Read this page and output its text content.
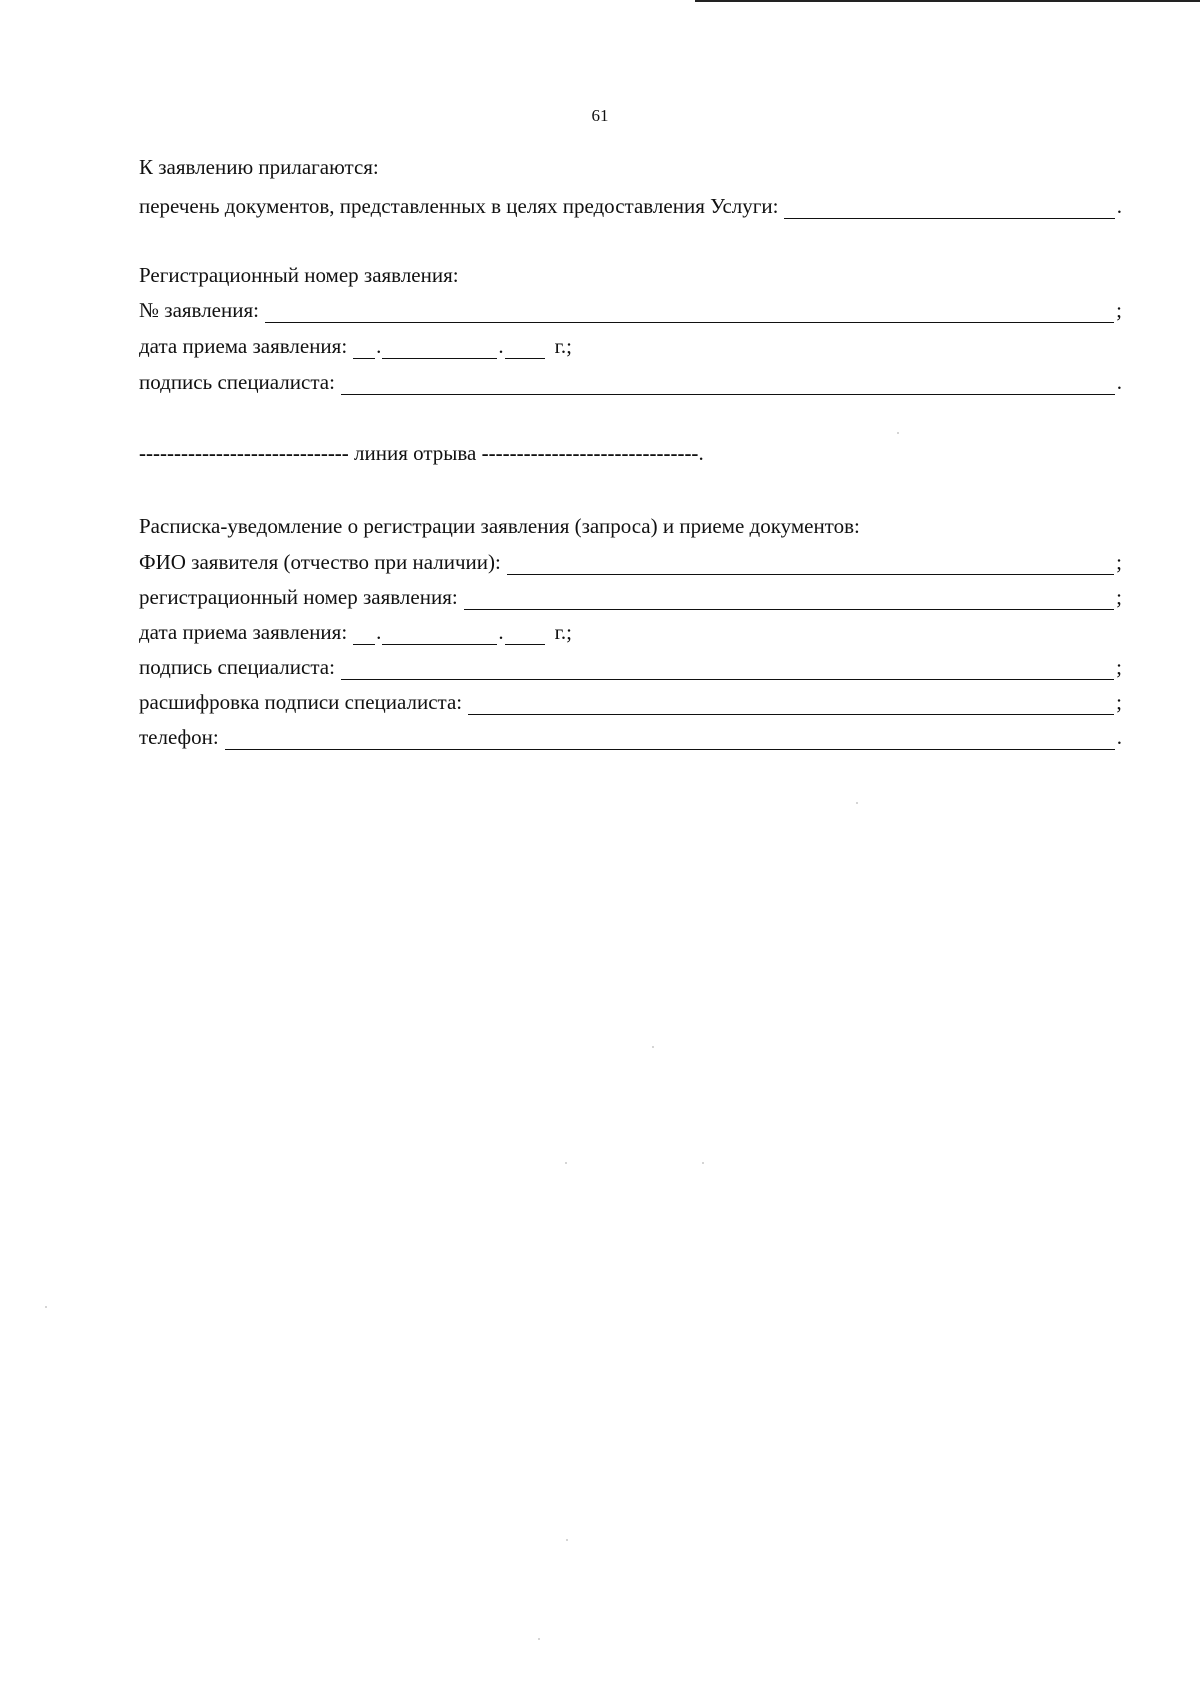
61
К заявлению прилагаются:
перечень документов, представленных в целях предоставления Услуги:	.
Регистрационный номер заявления:
№ заявления:	;
дата приема заявления: .	. г.;
подпись специалиста:	.
------------------------------ линия отрыва -------------------------------.
Расписка-уведомление о регистрации заявления (запроса) и приеме документов:
ФИО заявителя (отчество при наличии):	;
регистрационный номер заявления:	;
дата приема заявления: .	. г.;
подпись специалиста:	;
расшифровка подписи специалиста:	;
телефон:	.
